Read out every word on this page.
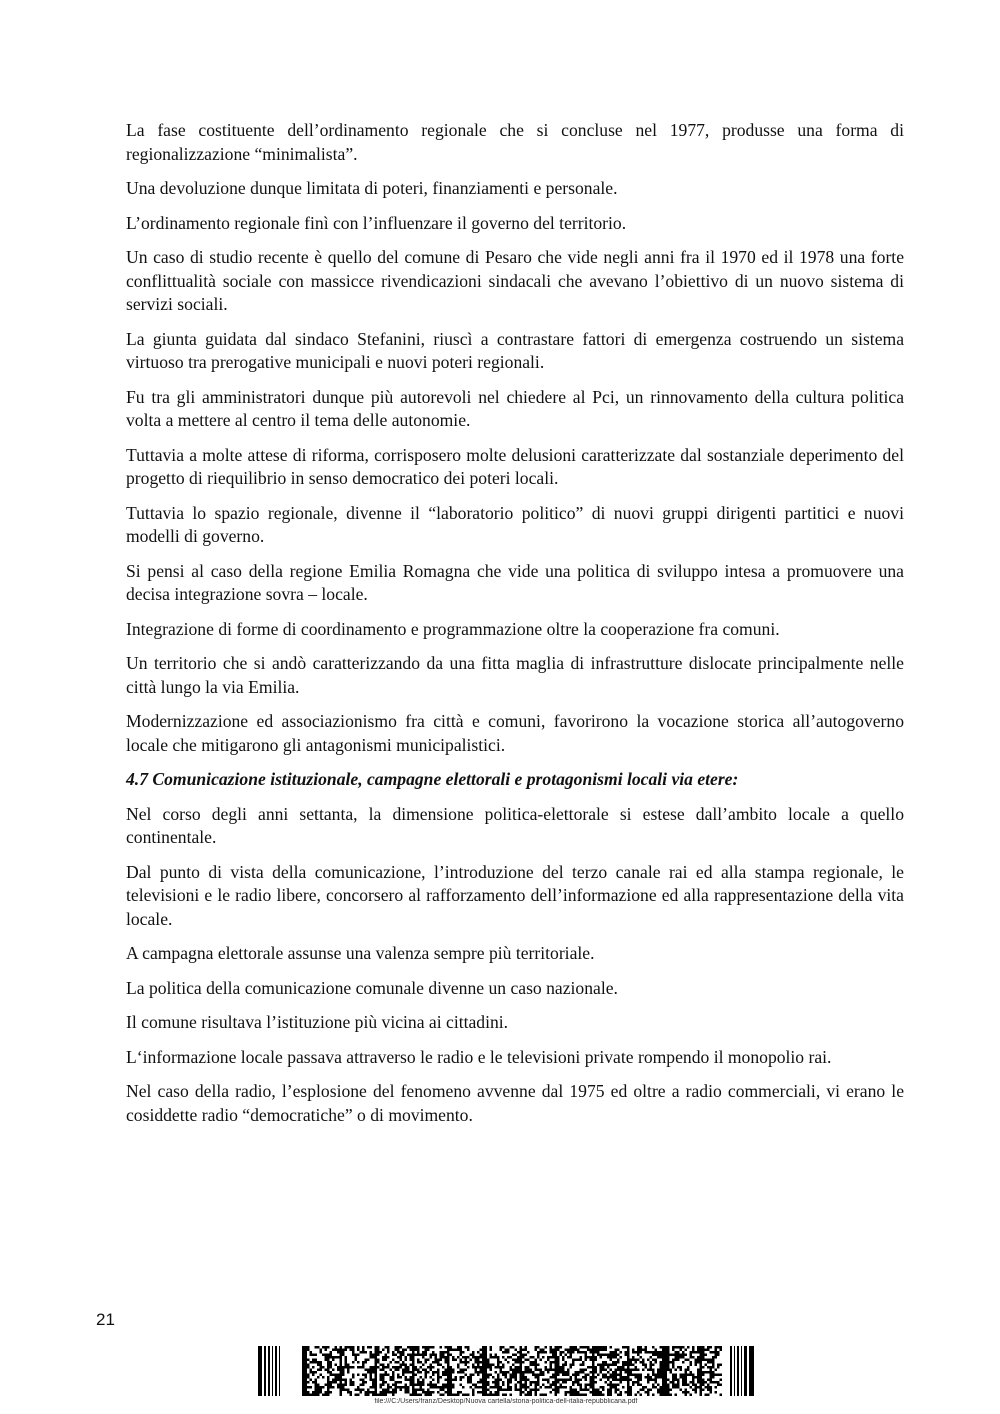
La fase costituente dell’ordinamento regionale che si concluse nel 1977, produsse una forma di regionalizzazione “minimalista”.

Una devoluzione dunque limitata di poteri, finanziamenti e personale.

L’ordinamento regionale finì con l’influenzare il governo del territorio.

Un caso di studio recente è quello del comune di Pesaro che vide negli anni fra il 1970 ed il 1978 una forte conflittualità sociale con massicce rivendicazioni sindacali che avevano l’obiettivo di un nuovo sistema di servizi sociali.

La giunta guidata dal sindaco Stefanini, riuscì a contrastare fattori di emergenza costruendo un sistema virtuoso tra prerogative municipali e nuovi poteri regionali.

Fu tra gli amministratori dunque più autorevoli nel chiedere al Pci, un rinnovamento della cultura politica volta a mettere al centro il tema delle autonomie.

Tuttavia a molte attese di riforma, corrisposero molte delusioni caratterizzate dal sostanziale deperimento del progetto di riequilibrio in senso democratico dei poteri locali.

Tuttavia lo spazio regionale, divenne il “laboratorio politico” di nuovi gruppi dirigenti partitici e nuovi modelli di governo.

Si pensi al caso della regione Emilia Romagna che vide una politica di sviluppo intesa a promuovere una decisa integrazione sovra – locale.

Integrazione di forme di coordinamento e programmazione oltre la cooperazione fra comuni.

Un territorio che si andò caratterizzando da una fitta maglia di infrastrutture dislocate principalmente nelle città lungo la via Emilia.

Modernizzazione ed associazionismo fra città e comuni, favorirono la vocazione storica all’autogoverno locale che mitigarono gli antagonismi municipalistici.

4.7 Comunicazione istituzionale, campagne elettorali e protagonismi locali via etere:

Nel corso degli anni settanta, la dimensione politica-elettorale si estese dall’ambito locale a quello continentale.

Dal punto di vista della comunicazione, l’introduzione del terzo canale rai ed alla stampa regionale, le televisioni e le radio libere, concorsero al rafforzamento dell’informazione ed alla rappresentazione della vita locale.

A campagna elettorale assunse una valenza sempre più territoriale.

La politica della comunicazione comunale divenne un caso nazionale.

Il comune risultava l’istituzione più vicina ai cittadini.

L‘informazione locale passava attraverso le radio e le televisioni private rompendo il monopolio rai.

Nel caso della radio, l’esplosione del fenomeno avvenne dal 1975 ed oltre a radio commerciali, vi erano le cosiddette radio “democratiche” o di movimento.

21
file:///C:/Users/franz/Desktop/Nuova cartella/storia-politica-dell-italia-repubblicana.pdf
